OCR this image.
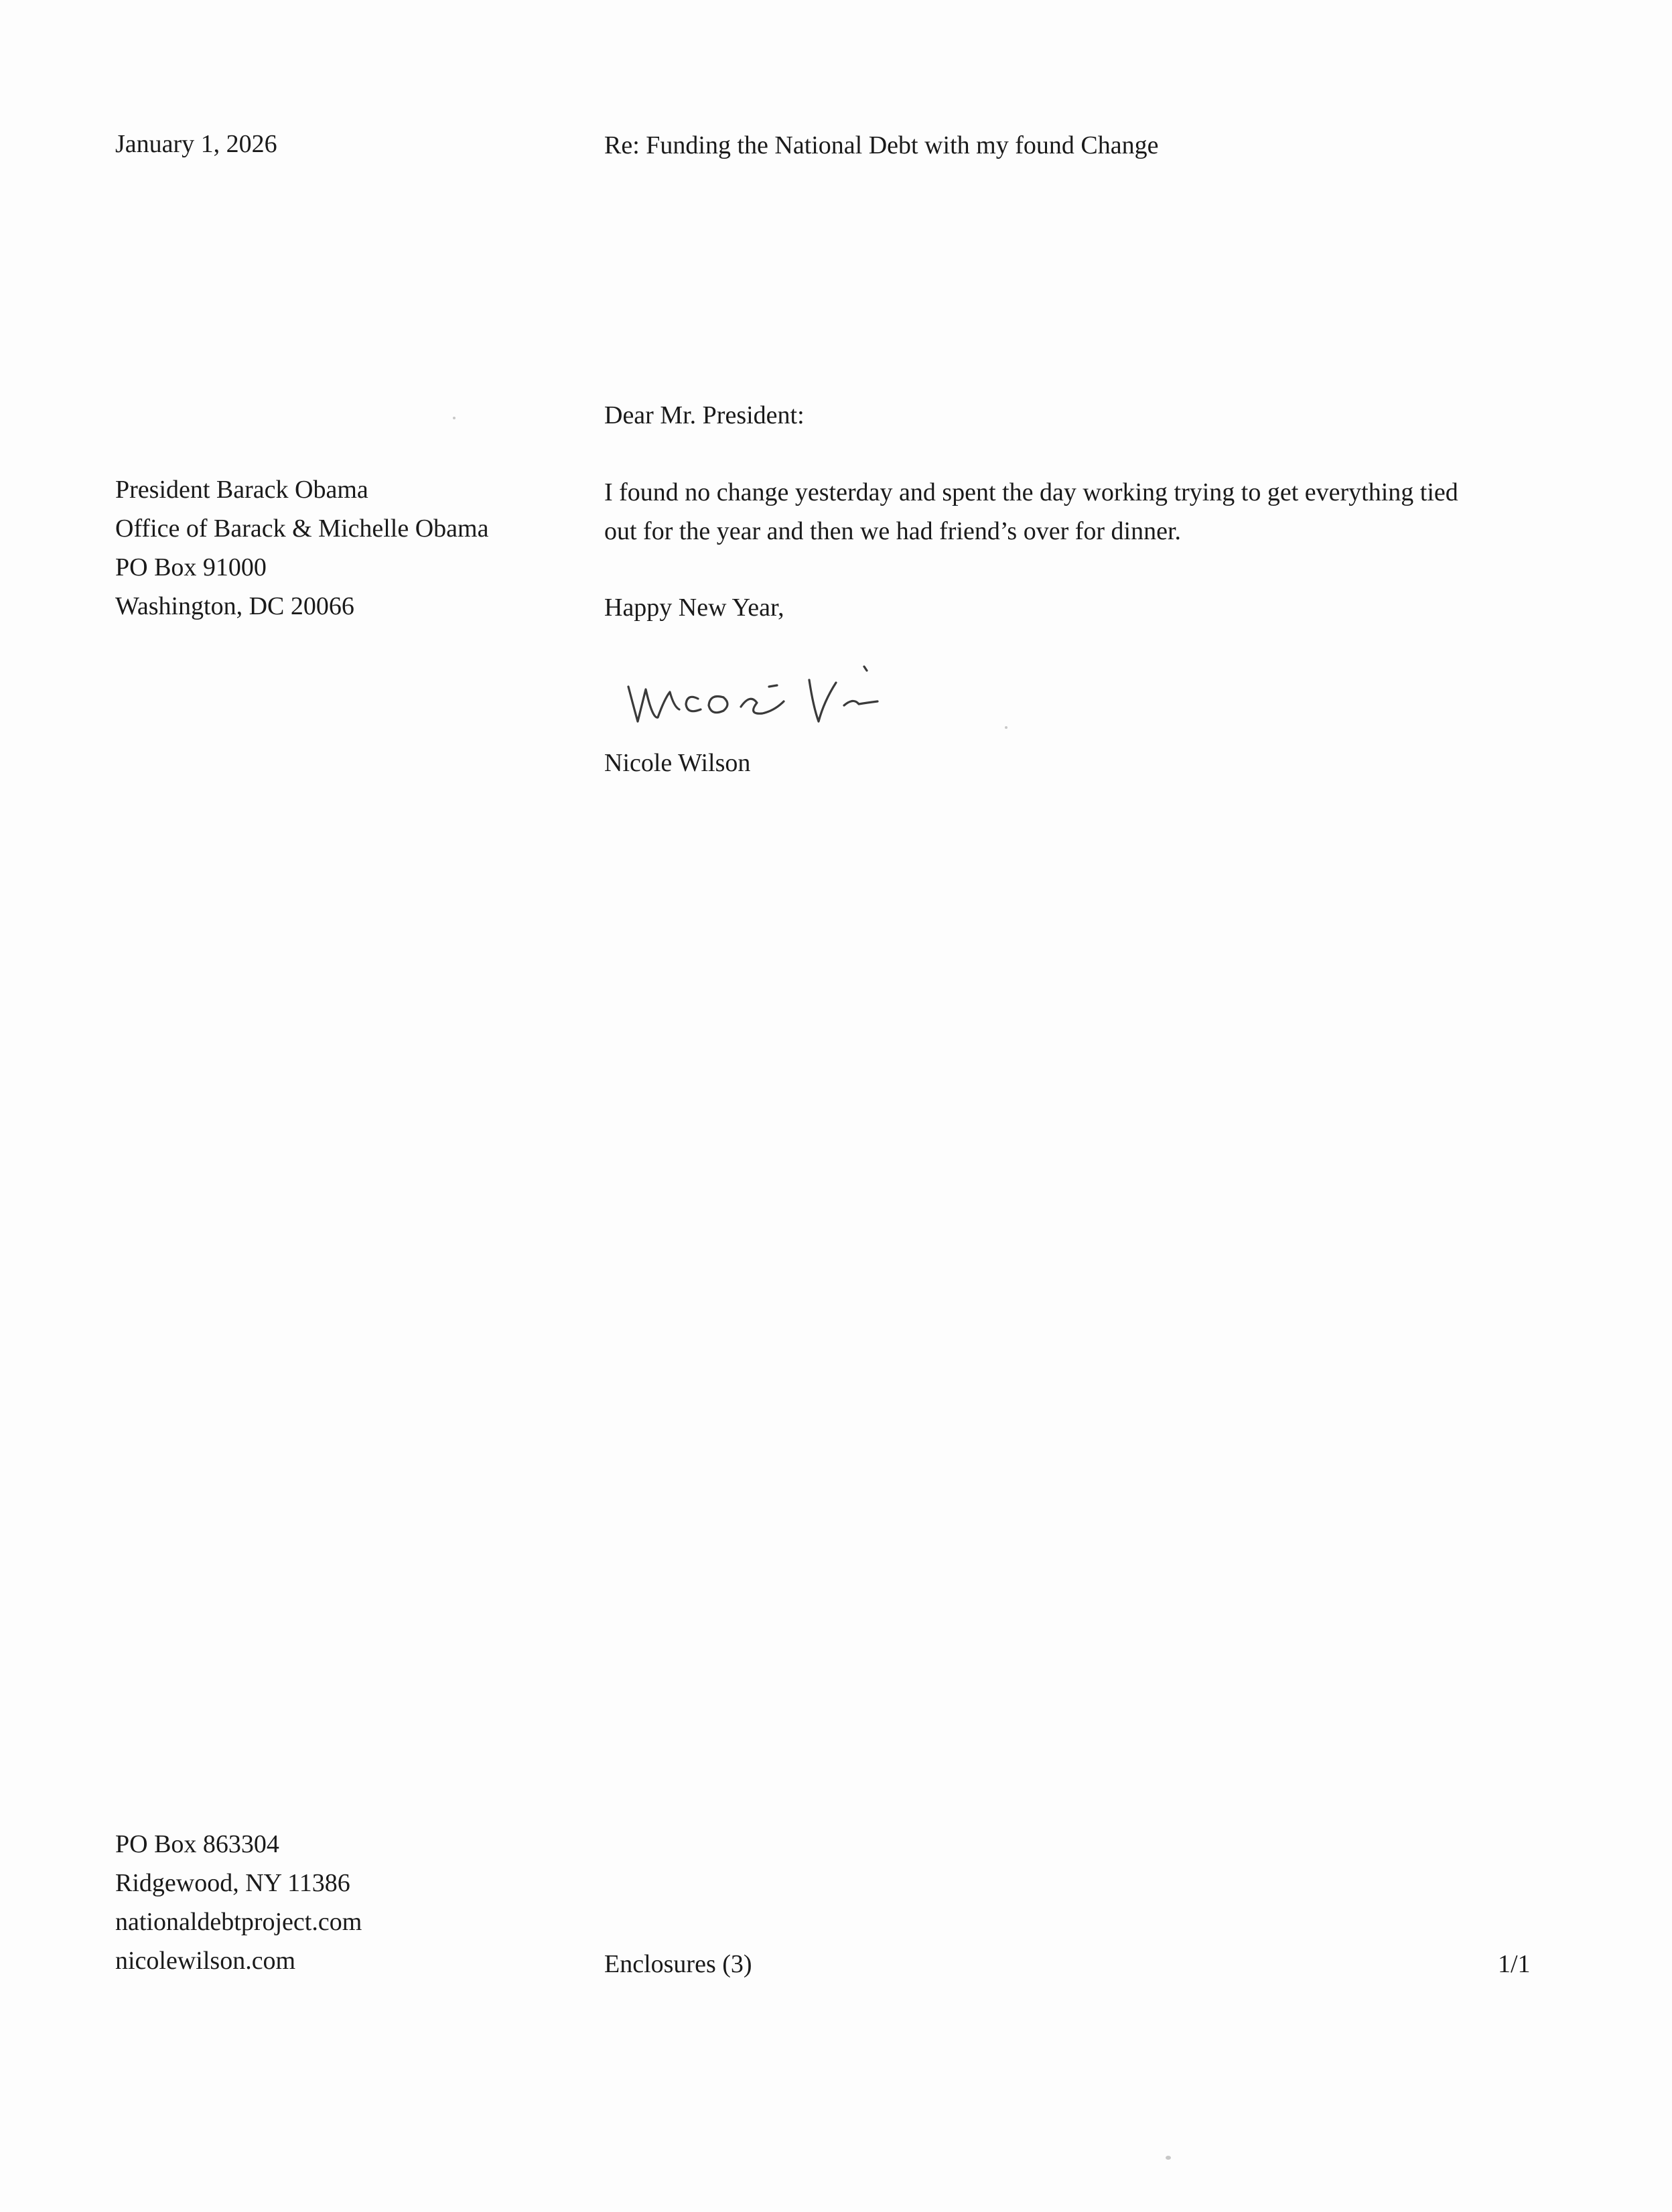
January 1, 2026	Re: Funding the National Debt with my found Change

President Barack Obama
Office of Barack & Michelle Obama
PO Box 91000
Washington, DC 20066

Dear Mr. President:

I found no change yesterday and spent the day working trying to get everything tied
out for the year and then we had friend’s over for dinner.

Happy New Year,

Nicole Wilson

PO Box 863304
Ridgewood, NY 11386
nationaldebtproject.com
nicolewilson.com	Enclosures (3)	1/1
